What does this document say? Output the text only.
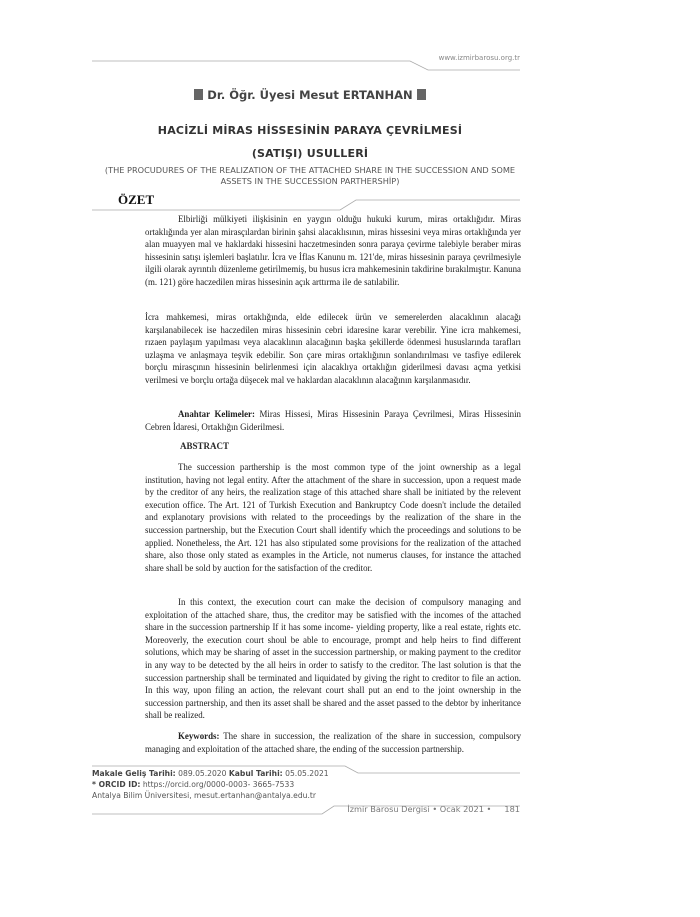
www.izmirbarosu.org.tr
Dr. Öğr. Üyesi Mesut ERTANHAN
HACİZLİ MİRAS HİSSESİNİN PARAYA ÇEVRİLMESİ
(SATIŞI) USULLERİ
(THE PROCUDURES OF THE REALIZATION OF THE ATTACHED SHARE IN THE SUCCESSION AND SOME ASSETS IN THE SUCCESSION PARTHERSHİP)
ÖZET
Elbirliği mülkiyeti ilişkisinin en yaygın olduğu hukuki kurum, miras ortaklığıdır. Miras ortaklığında yer alan mirasçılardan birinin şahsi alacaklısının, miras hissesini veya miras ortaklığında yer alan muayyen mal ve haklardaki hissesini haczetmesinden sonra paraya çevirme talebiyle beraber miras hissesinin satışı işlemleri başlatılır. İcra ve İflas Kanunu m. 121'de, miras hissesinin paraya çevrilmesiyle ilgili olarak ayrıntılı düzenleme getirilmemiş, bu husus icra mahkemesinin takdirine bırakılmıştır. Kanuna (m. 121) göre haczedilen miras hissesinin açık arttırma ile de satılabilir.
İcra mahkemesi, miras ortaklığında, elde edilecek ürün ve semerelerden alacaklının alacağı karşılanabilecek ise haczedilen miras hissesinin cebri idaresine karar verebilir. Yine icra mahkemesi, rızaen paylaşım yapılması veya alacaklının alacağının başka şekillerde ödenmesi hususlarında tarafları uzlaşma ve anlaşmaya teşvik edebilir. Son çare miras ortaklığının sonlandırılması ve tasfiye edilerek borçlu mirasçının hissesinin belirlenmesi için alacaklıya ortaklığın giderilmesi davası açma yetkisi verilmesi ve borçlu ortağa düşecek mal ve haklardan alacaklının alacağının karşılanmasıdır.
Anahtar Kelimeler: Miras Hissesi, Miras Hissesinin Paraya Çevrilmesi, Miras Hissesinin Cebren İdaresi, Ortaklığın Giderilmesi.
ABSTRACT
The succession parthership is the most common type of the joint ownership as a legal institution, having not legal entity. After the attachment of the share in succession, upon a request made by the creditor of any heirs, the realization stage of this attached share shall be initiated by the relevent execution office. The Art. 121 of Turkish Execution and Bankruptcy Code doesn't include the detailed and explanotary provisions with related to the proceedings by the realization of the share in the succession partnership, but the Execution Court shall identify which the proceedings and solutions to be applied. Nonetheless, the Art. 121 has also stipulated some provisions for the realization of the attached share, also those only stated as examples in the Article, not numerus clauses, for instance the attached share shall be sold by auction for the satisfaction of the creditor.
In this context, the execution court can make the decision of compulsory managing and exploitation of the attached share, thus, the creditor may be satisfied with the incomes of the attached share in the succession partnership If it has some income- yielding property, like a real estate, rights etc. Moreoverly, the execution court shoul be able to encourage, prompt and help heirs to find different solutions, which may be sharing of asset in the succession partnership, or making payment to the creditor in any way to be detected by the all heirs in order to satisfy to the creditor. The last solution is that the succession partnership shall be terminated and liquidated by giving the right to creditor to file an action. In this way, upon filing an action, the relevant court shall put an end to the joint ownership in the succession partnership, and then its asset shall be shared and the asset passed to the debtor by inheritance shall be realized.
Keywords: The share in succession, the realization of the share in succession, compulsory managing and exploitation of the attached share, the ending of the succession partnership.
Makale Geliş Tarihi: 089.05.2020 Kabul Tarihi: 05.05.2021
* ORCID ID: https://orcid.org/0000-0003- 3665-7533
Antalya Bilim Üniversitesi, mesut.ertanhan@antalya.edu.tr
İzmir Barosu Dergisi • Ocak 2021 • 181
